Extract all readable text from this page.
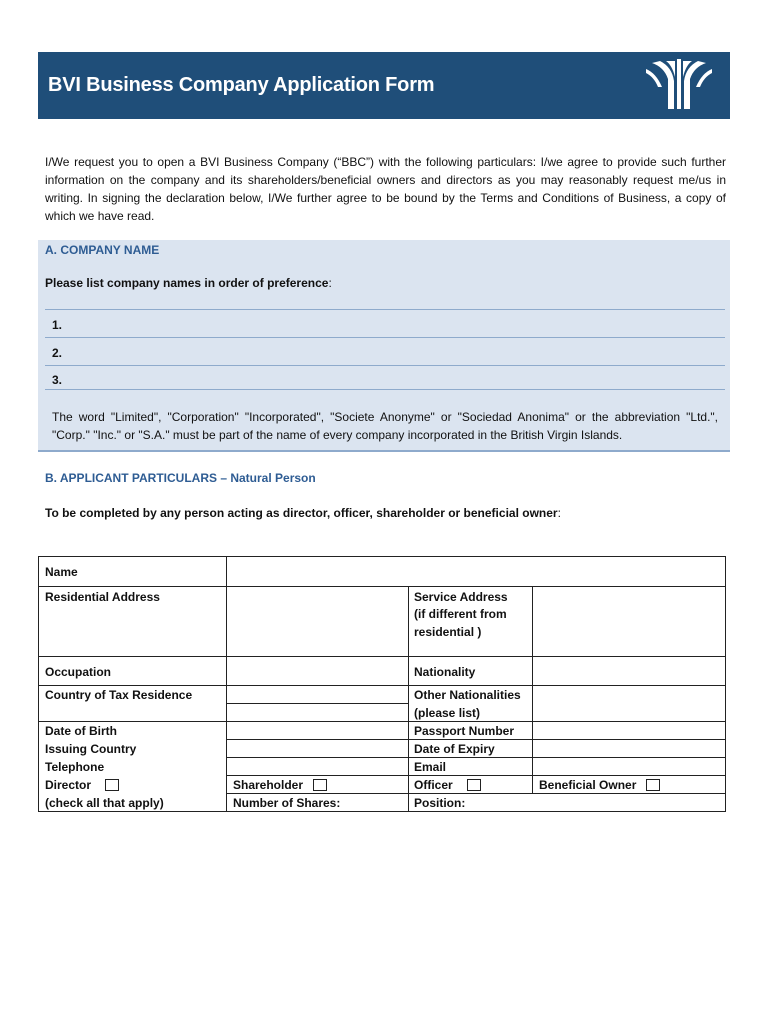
BVI Business Company Application Form
I/We request you to open a BVI Business Company (“BBC”) with the following particulars: I/we agree to provide such further information on the company and its shareholders/beneficial owners and directors as you may reasonably request me/us in writing. In signing the declaration below, I/We further agree to be bound by the Terms and Conditions of Business, a copy of which we have read.
A. COMPANY NAME
Please list company names in order of preference:
1.
2.
3.
The word "Limited", "Corporation" "Incorporated", "Societe Anonyme" or "Sociedad Anonima" or the abbreviation "Ltd.", "Corp." "Inc." or "S.A." must be part of the name of every company incorporated in the British Virgin Islands.
B. APPLICANT PARTICULARS – Natural Person
To be completed by any person acting as director, officer, shareholder or beneficial owner:
Name
Residential Address	Service Address
(if different from
residential )
Occupation	Nationality
Country of Tax Residence	Other Nationalities
(please list)
Date of Birth	Passport Number
Issuing Country	Date of Expiry
Telephone	Email
Director	Shareholder	Officer	Beneficial Owner
(check all that apply)	Number of Shares:	Position:
